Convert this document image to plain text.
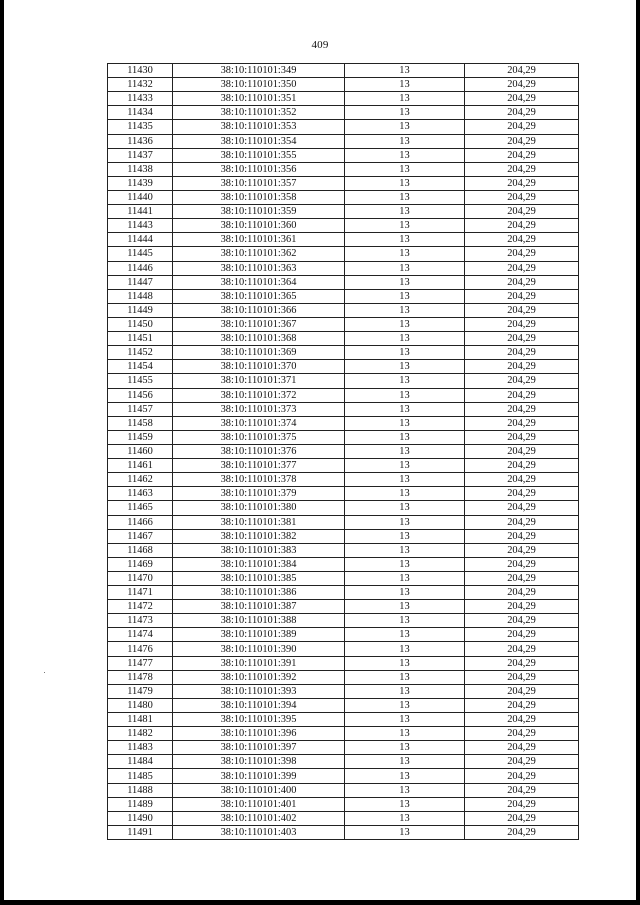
409
11430	38:10:110101:349	13	204,29
11432	38:10:110101:350	13	204,29
11433	38:10:110101:351	13	204,29
11434	38:10:110101:352	13	204,29
11435	38:10:110101:353	13	204,29
11436	38:10:110101:354	13	204,29
11437	38:10:110101:355	13	204,29
11438	38:10:110101:356	13	204,29
11439	38:10:110101:357	13	204,29
11440	38:10:110101:358	13	204,29
11441	38:10:110101:359	13	204,29
11443	38:10:110101:360	13	204,29
11444	38:10:110101:361	13	204,29
11445	38:10:110101:362	13	204,29
11446	38:10:110101:363	13	204,29
11447	38:10:110101:364	13	204,29
11448	38:10:110101:365	13	204,29
11449	38:10:110101:366	13	204,29
11450	38:10:110101:367	13	204,29
11451	38:10:110101:368	13	204,29
11452	38:10:110101:369	13	204,29
11454	38:10:110101:370	13	204,29
11455	38:10:110101:371	13	204,29
11456	38:10:110101:372	13	204,29
11457	38:10:110101:373	13	204,29
11458	38:10:110101:374	13	204,29
11459	38:10:110101:375	13	204,29
11460	38:10:110101:376	13	204,29
11461	38:10:110101:377	13	204,29
11462	38:10:110101:378	13	204,29
11463	38:10:110101:379	13	204,29
11465	38:10:110101:380	13	204,29
11466	38:10:110101:381	13	204,29
11467	38:10:110101:382	13	204,29
11468	38:10:110101:383	13	204,29
11469	38:10:110101:384	13	204,29
11470	38:10:110101:385	13	204,29
11471	38:10:110101:386	13	204,29
11472	38:10:110101:387	13	204,29
11473	38:10:110101:388	13	204,29
11474	38:10:110101:389	13	204,29
11476	38:10:110101:390	13	204,29
11477	38:10:110101:391	13	204,29
11478	38:10:110101:392	13	204,29
11479	38:10:110101:393	13	204,29
11480	38:10:110101:394	13	204,29
11481	38:10:110101:395	13	204,29
11482	38:10:110101:396	13	204,29
11483	38:10:110101:397	13	204,29
11484	38:10:110101:398	13	204,29
11485	38:10:110101:399	13	204,29
11488	38:10:110101:400	13	204,29
11489	38:10:110101:401	13	204,29
11490	38:10:110101:402	13	204,29
11491	38:10:110101:403	13	204,29
